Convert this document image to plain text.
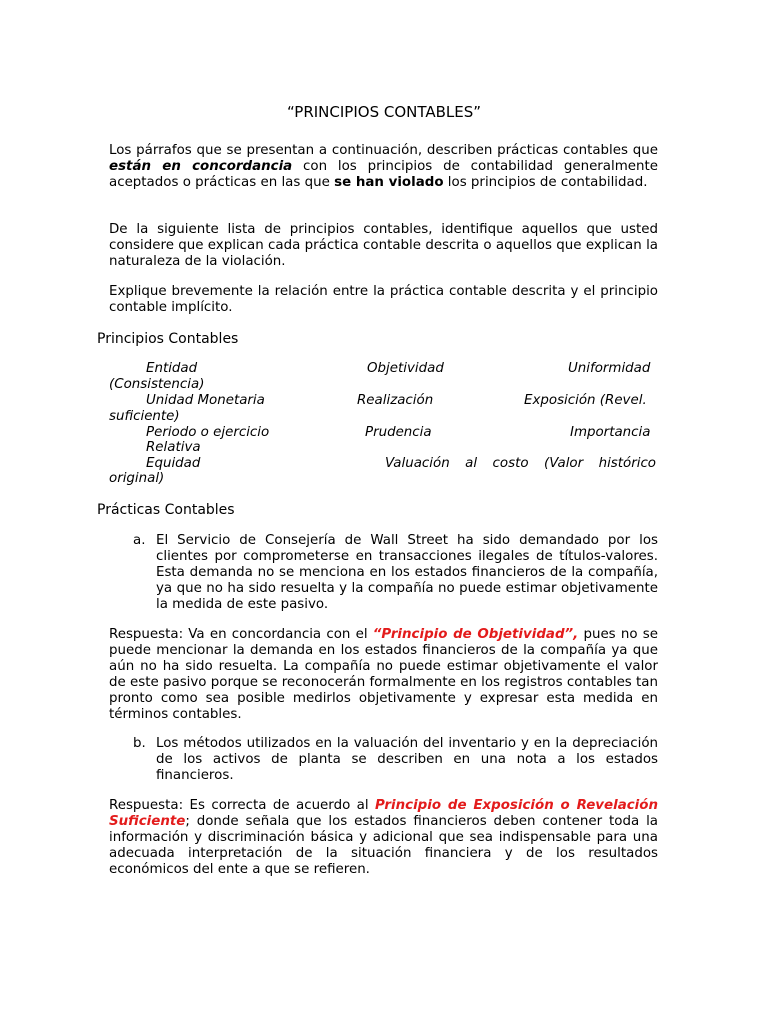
“PRINCIPIOS CONTABLES”
Los párrafos que se presentan a continuación, describen prácticas contables que están en concordancia con los principios de contabilidad generalmente aceptados o prácticas en las que se han violado los principios de contabilidad.
De la siguiente lista de principios contables, identifique aquellos que usted considere que explican cada práctica contable descrita o aquellos que explican la naturaleza de la violación.
Explique brevemente la relación entre la práctica contable descrita y el principio contable implícito.
Principios Contables
Entidad	Objetividad	Uniformidad
(Consistencia)
Unidad Monetaria	Realización	Exposición (Revel.
suficiente)
Periodo o ejercicio	Prudencia	Importancia
Relativa
Equidad	Valuación al costo (Valor histórico
original)
Prácticas Contables
a. El Servicio de Consejería de Wall Street ha sido demandado por los clientes por comprometerse en transacciones ilegales de títulos-valores. Esta demanda no se menciona en los estados financieros de la compañía, ya que no ha sido resuelta y la compañía no puede estimar objetivamente la medida de este pasivo.
Respuesta: Va en concordancia con el “Principio de Objetividad”, pues no se puede mencionar la demanda en los estados financieros de la compañía ya que aún no ha sido resuelta. La compañía no puede estimar objetivamente el valor de este pasivo porque se reconocerán formalmente en los registros contables tan pronto como sea posible medirlos objetivamente y expresar esta medida en términos contables.
b. Los métodos utilizados en la valuación del inventario y en la depreciación de los activos de planta se describen en una nota a los estados financieros.
Respuesta: Es correcta de acuerdo al Principio de Exposición o Revelación Suficiente; donde señala que los estados financieros deben contener toda la información y discriminación básica y adicional que sea indispensable para una adecuada interpretación de la situación financiera y de los resultados económicos del ente a que se refieren.
